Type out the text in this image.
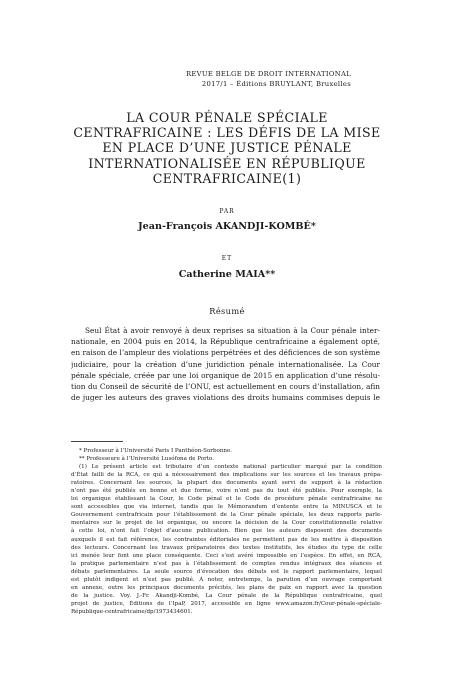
REVUE BELGE DE DROIT INTERNATIONAL
2017/1 – Éditions BRUYLANT, Bruxelles
LA COUR PÉNALE SPÉCIALE
CENTRAFRICAINE : LES DÉFIS DE LA MISE
EN PLACE D’UNE JUSTICE PÉNALE
INTERNATIONALISÉE EN RÉPUBLIQUE
CENTRAFRICAINE(1)
PAR
Jean-François AKANDJI-KOMBÉ*
ET
Catherine MAIA**
Résumé
Seul État à avoir renvoyé à deux reprises sa situation à la Cour pénale inter-
nationale, en 2004 puis en 2014, la République centrafricaine a également opté,
en raison de l’ampleur des violations perpétrées et des déficiences de son système
judiciaire, pour la création d’une juridiction pénale internationalisée. La Cour
pénale spéciale, créée par une loi organique de 2015 en application d’une résolu-
tion du Conseil de sécurité de l’ONU, est actuellement en cours d’installation, afin
de juger les auteurs des graves violations des droits humains commises depuis le
* Professeur à l’Université Paris I Panthéon-Sorbonne.
** Professeure à l’Université Lusófona de Porto.
(1) Le présent article est tributaire d’un contexte national particulier marqué par la condition
d’État failli de la RCA, ce qui a nécessairement des implications sur les sources et les travaux prépa-
ratoires. Concernant les sources, la plupart des documents ayant servi de support à la rédaction
n’ont pas été publiés en bonne et due forme, voire n’ont pas du tout été publiés. Pour exemple, la
loi organique établissant la Cour, le Code pénal et le Code de procédure pénale centrafricaine ne
sont accessibles que via internet, tandis que le Mémorandum d’entente entre la MINUSCA et le
Gouvernement centrafricain pour l’établissement de la Cour pénale spéciale, les deux rapports parle-
mentaires sur le projet de loi organique, ou encore la décision de la Cour constitutionnelle relative
à cette loi, n’ont fait l’objet d’aucune publication. Bien que les auteurs disposent des documents
auxquels il est fait référence, les contraintes éditoriales ne permettent pas de les mettre à disposition
des lecteurs. Concernant les travaux préparatoires des textes institutifs, les études du type de celle
ici menée leur font une place conséquente. Ceci s’est avéré impossible en l’espèce. En effet, en RCA,
la pratique parlementaire n’est pas à l’établissement de comptes rendus intégraux des séances et
débats parlementaires. La seule source d’évocation des débats est le rapport parlementaire, lequel
est plutôt indigent et n’est pas publié. À noter, entretemps, la parution d’un ouvrage comportant
en annexe, outre les principaux documents précités, les plans de paix en rapport avec la question
de la justice. Voy. J.-Fr. Akandji-Kombé, La Cour pénale de la République centrafricaine, quel
projet de justice, Éditions de l’IpaP, 2017, accessible en ligne www.amazon.fr/Cour-pénale-spéciale-
République-centrafricaine/dp/1973434601.
